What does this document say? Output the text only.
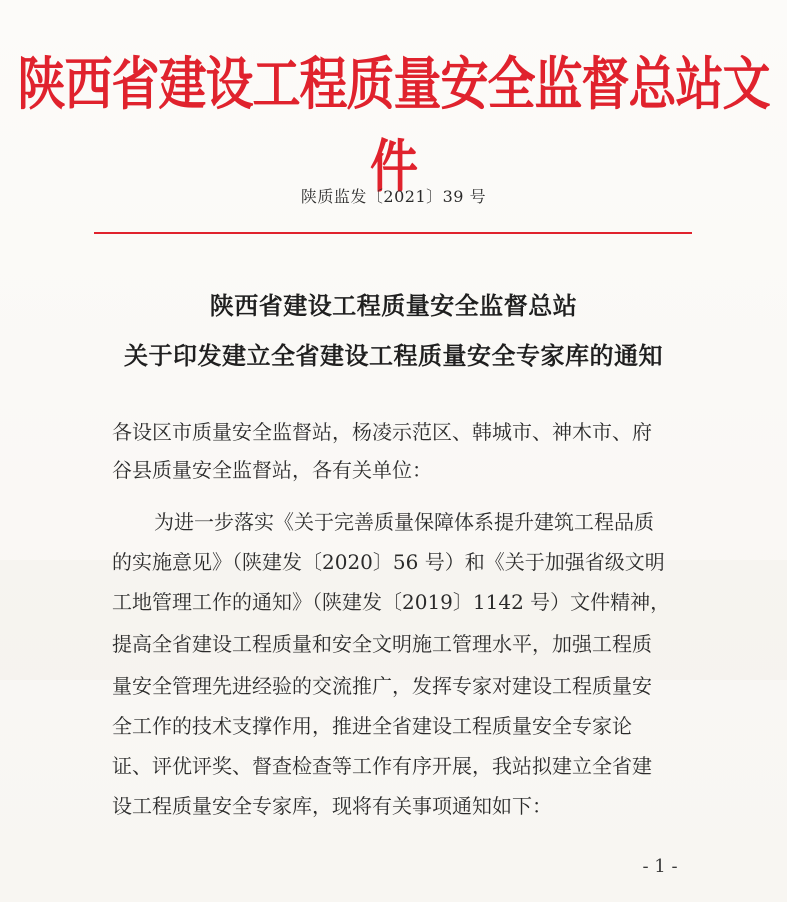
陕西省建设工程质量安全监督总站文件
陕质监发〔2021〕39 号
陕西省建设工程质量安全监督总站
关于印发建立全省建设工程质量安全专家库的通知
各设区市质量安全监督站，杨凌示范区、韩城市、神木市、府
谷县质量安全监督站，各有关单位：
为进一步落实《关于完善质量保障体系提升建筑工程品质
的实施意见》（陕建发〔2020〕56 号）和《关于加强省级文明
工地管理工作的通知》（陕建发〔2019〕1142 号）文件精神，
提高全省建设工程质量和安全文明施工管理水平，加强工程质
量安全管理先进经验的交流推广，发挥专家对建设工程质量安
全工作的技术支撑作用，推进全省建设工程质量安全专家论
证、评优评奖、督查检查等工作有序开展，我站拟建立全省建
设工程质量安全专家库，现将有关事项通知如下：
- 1 -
